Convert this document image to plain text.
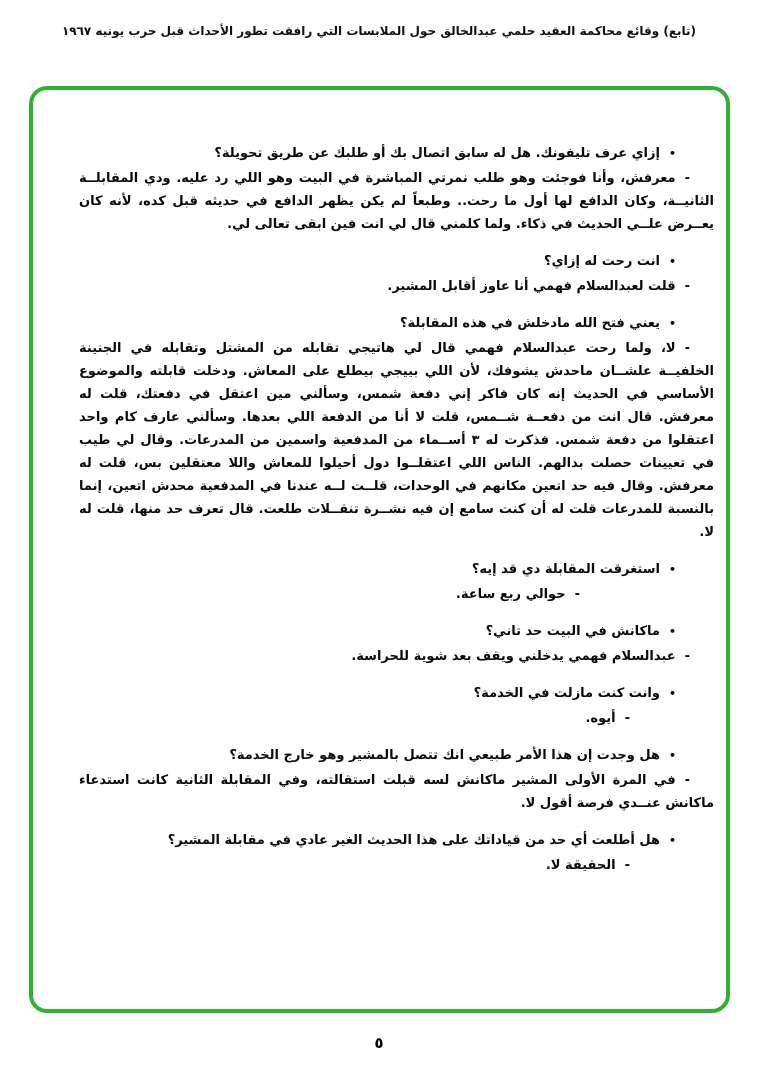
(تابع) وقائع محاكمة العقيد حلمي عبدالخالق حول الملابسات التي رافقت تطور الأحداث قبل حرب يونيه ١٩٦٧
•إزاي عرف تليفونك. هل له سابق اتصال بك أو طلبك عن طريق تحويلة؟
-معرفش، وأنا فوجئت وهو طلب نمرتي المباشرة في البيت وهو اللي رد عليه. ودي المقابلــة الثانيــة، وكان الدافع لها أول ما رحت.. وطبعاً لم يكن يظهر الدافع في حديثه قبل كده، لأنه كان يعــرض علــي الحديث في ذكاء. ولما كلمني قال لي انت فين ابقى تعالى لي.
•انت رحت له إزاي؟
-قلت لعبدالسلام فهمي أنا عاوز أقابل المشير.
•يعني فتح الله مادخلش في هذه المقابلة؟
-لا، ولما رحت عبدالسلام فهمي قال لي هاتيجي تقابله من المشتل وتقابله في الجنينة الخلفيــة علشــان ماحدش يشوفك، لأن اللي بييجي بيطلع على المعاش. ودخلت قابلته والموضوع الأساسي في الحديث إنه كان فاكر إني دفعة شمس، وسألني مين اعتقل في دفعتك، قلت له معرفش. قال انت من دفعــة شــمس، قلت لا أنا من الدفعة اللي بعدها. وسألني عارف كام واحد اعتقلوا من دفعة شمس. فذكرت له ٣ أســماء من المدفعية واسمين من المدرعات. وقال لي طيب في تعيينات حصلت بدالهم. الناس اللي اعتقلــوا دول أحيلوا للمعاش واللا معتقلين بس، قلت له معرفش. وقال فيه حد اتعين مكانهم في الوحدات، قلــت لــه عندنا في المدفعية محدش اتعين، إنما بالنسبة للمدرعات قلت له أن كنت سامع إن فيه نشــرة تنقــلات طلعت. قال تعرف حد منها، قلت له لا.
•استغرقت المقابلة دي قد إيه؟
-حوالي ربع ساعة.
•ماكانش في البيت حد تاني؟
-عبدالسلام فهمي يدخلني ويقف بعد شوية للحراسة.
•وانت كنت مازلت في الخدمة؟
-أيوه.
•هل وجدت إن هذا الأمر طبيعي انك تتصل بالمشير وهو خارج الخدمة؟
-في المرة الأولى المشير ماكانش لسه قبلت استقالته، وفي المقابلة الثانية كانت استدعاء ماكانش عنــدي فرصة أقول لا.
•هل أطلعت أي حد من قياداتك على هذا الحديث الغير عادي في مقابلة المشير؟
-الحقيقة لا.
٥
